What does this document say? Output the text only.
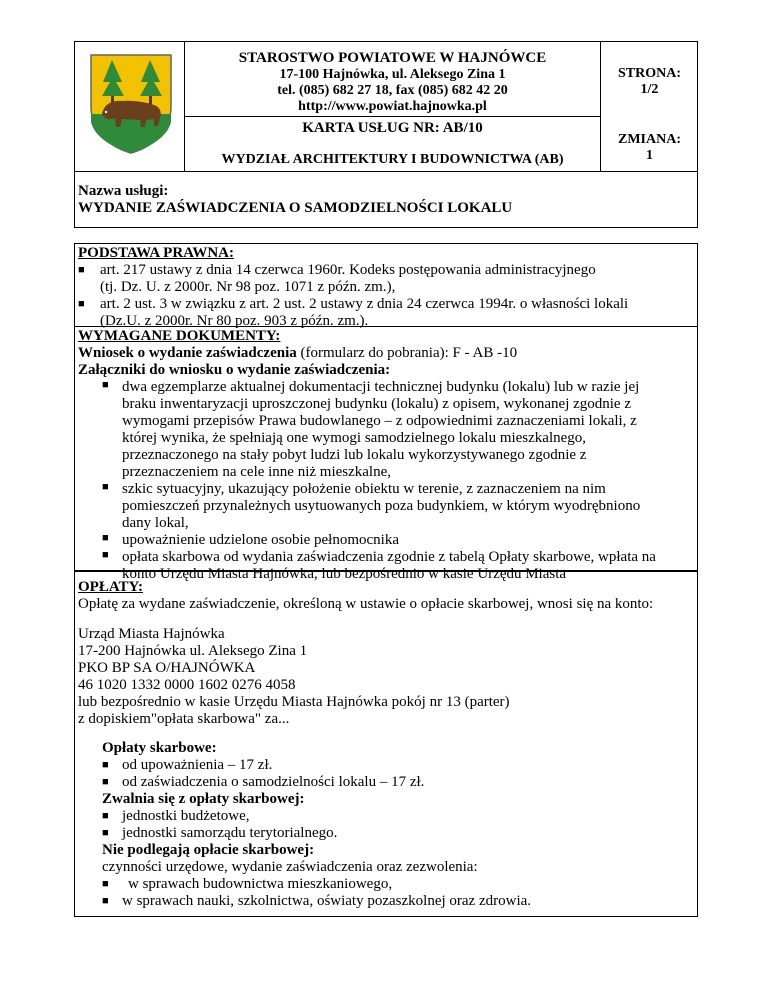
STAROSTWO POWIATOWE W HAJNÓWCE
17-100 Hajnówka, ul. Aleksego Zina 1
tel. (085) 682 27 18, fax (085) 682 42 20
http://www.powiat.hajnowka.pl
KARTA USŁUG NR: AB/10
WYDZIAŁ ARCHITEKTURY I BUDOWNICTWA (AB)
STRONA:
1/2
ZMIANA:
1
Nazwa usługi:
WYDANIE ZAŚWIADCZENIA O SAMODZIELNOŚCI LOKALU
PODSTAWA PRAWNA:
■ art. 217 ustawy z dnia 14 czerwca 1960r. Kodeks postępowania administracyjnego
(tj. Dz. U. z 2000r. Nr 98 poz. 1071 z późn. zm.),
■ art. 2 ust. 3 w związku z art. 2 ust. 2 ustawy z dnia 24 czerwca 1994r. o własności lokali
(Dz.U. z 2000r. Nr 80 poz. 903 z późn. zm.).
WYMAGANE DOKUMENTY:
Wniosek o wydanie zaświadczenia (formularz do pobrania): F - AB -10
Załączniki do wniosku o wydanie zaświadczenia:
■ dwa egzemplarze aktualnej dokumentacji technicznej budynku (lokalu) lub w razie jej
braku inwentaryzacji uproszczonej budynku (lokalu) z opisem, wykonanej zgodnie z
wymogami przepisów Prawa budowlanego – z odpowiednimi zaznaczeniami lokali, z
której wynika, że spełniają one wymogi samodzielnego lokalu mieszkalnego,
przeznaczonego na stały pobyt ludzi lub lokalu wykorzystywanego zgodnie z
przeznaczeniem na cele inne niż mieszkalne,
■ szkic sytuacyjny, ukazujący położenie obiektu w terenie, z zaznaczeniem na nim
pomieszczeń przynależnych usytuowanych poza budynkiem, w którym wyodrębniono
dany lokal,
■ upoważnienie udzielone osobie pełnomocnika
■ opłata skarbowa od wydania zaświadczenia zgodnie z tabelą Opłaty skarbowe, wpłata na
konto Urzędu Miasta Hajnówka, lub bezpośrednio w kasie Urzędu Miasta
OPŁATY:
Opłatę za wydane zaświadczenie, określoną w ustawie o opłacie skarbowej, wnosi się na konto:
Urząd Miasta Hajnówka
17-200 Hajnówka ul. Aleksego Zina 1
PKO BP SA O/HAJNÓWKA
46 1020 1332 0000 1602 0276 4058
lub bezpośrednio w kasie Urzędu Miasta Hajnówka pokój nr 13 (parter)
z dopiskiem"opłata skarbowa" za...
Opłaty skarbowe:
■ od upoważnienia – 17 zł.
■ od zaświadczenia o samodzielności lokalu – 17 zł.
Zwalnia się z opłaty skarbowej:
■ jednostki budżetowe,
■ jednostki samorządu terytorialnego.
Nie podlegają opłacie skarbowej:
czynności urzędowe, wydanie zaświadczenia oraz zezwolenia:
■ w sprawach budownictwa mieszkaniowego,
■ w sprawach nauki, szkolnictwa, oświaty pozaszkolnej oraz zdrowia.
